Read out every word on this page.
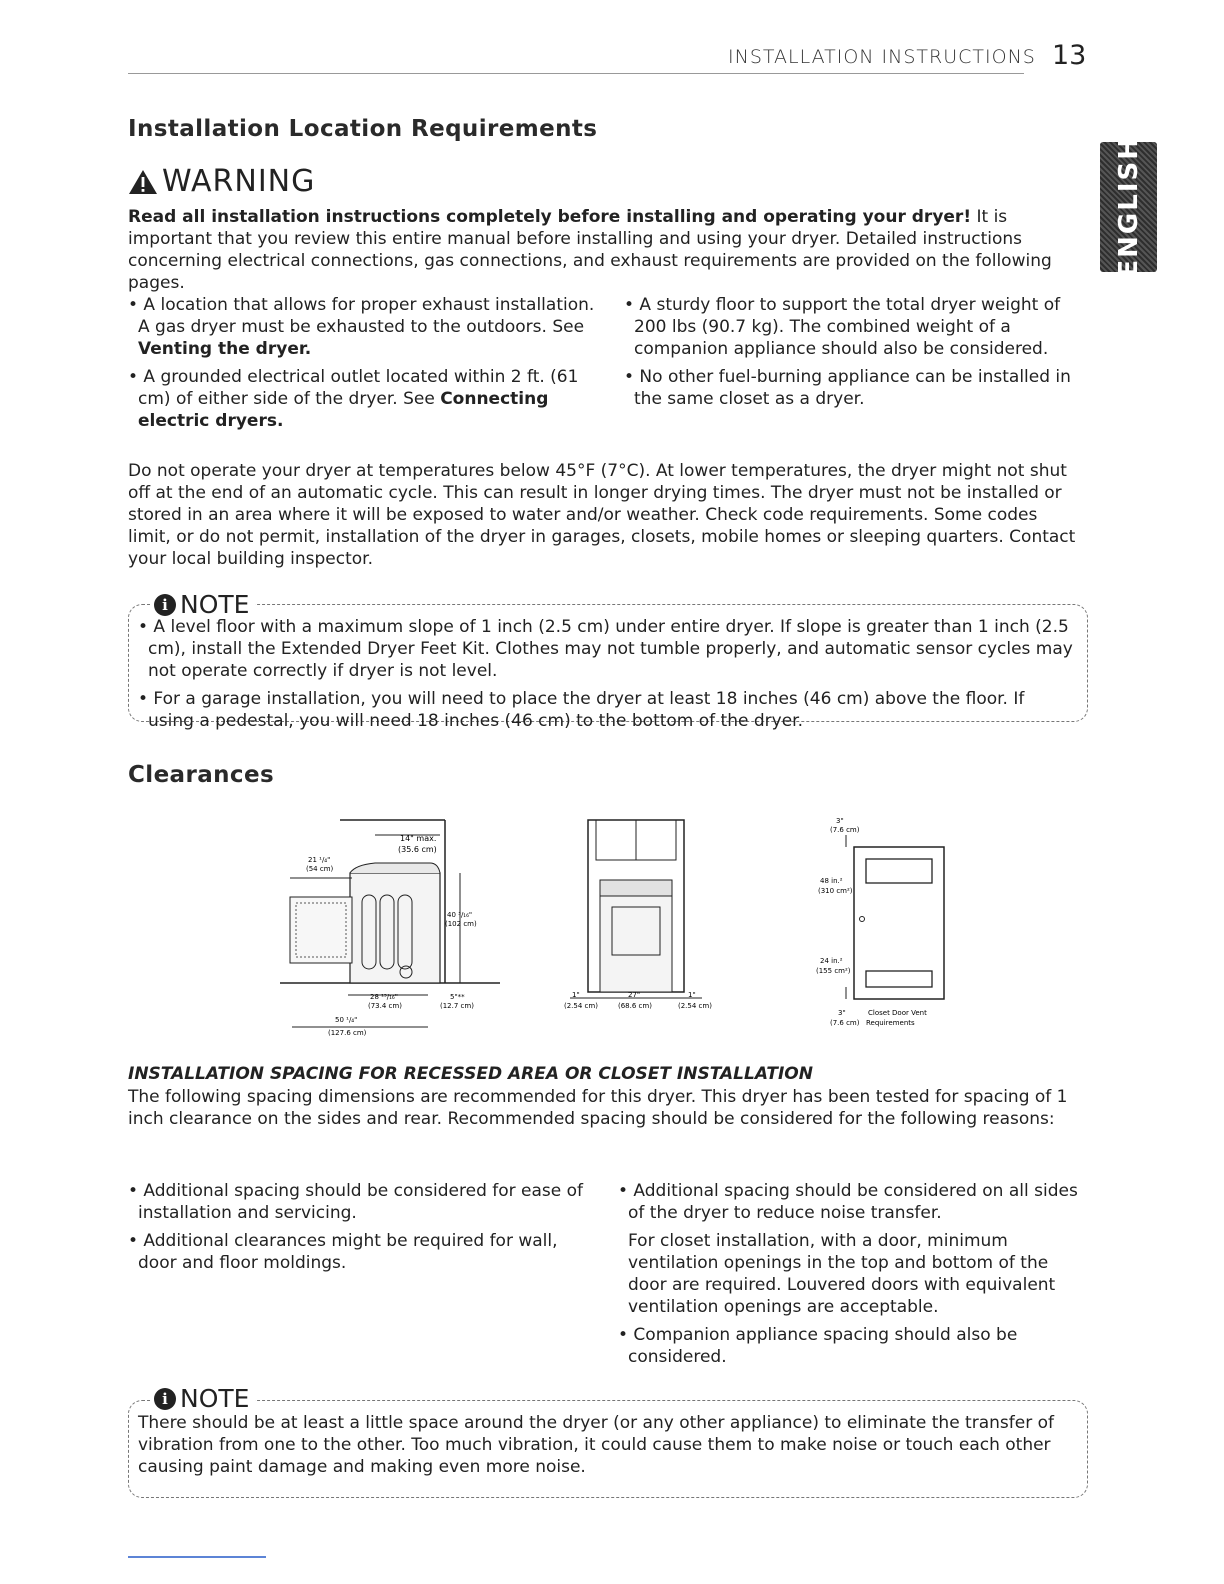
INSTALLATION INSTRUCTIONS 13
ENGLISH
Installation Location Requirements
WARNING
Read all installation instructions completely before installing and operating your dryer! It is important that you review this entire manual before installing and using your dryer. Detailed instructions concerning electrical connections, gas connections, and exhaust requirements are provided on the following pages.
• A location that allows for proper exhaust installation. A gas dryer must be exhausted to the outdoors. See Venting the dryer.
• A grounded electrical outlet located within 2 ft. (61 cm) of either side of the dryer. See Connecting electric dryers.
• A sturdy floor to support the total dryer weight of 200 lbs (90.7 kg). The combined weight of a companion appliance should also be considered.
• No other fuel-burning appliance can be installed in the same closet as a dryer.
Do not operate your dryer at temperatures below 45°F (7°C). At lower temperatures, the dryer might not shut off at the end of an automatic cycle. This can result in longer drying times. The dryer must not be installed or stored in an area where it will be exposed to water and/or weather. Check code requirements. Some codes limit, or do not permit, installation of the dryer in garages, closets, mobile homes or sleeping quarters. Contact your local building inspector.
i NOTE
• A level floor with a maximum slope of 1 inch (2.5 cm) under entire dryer. If slope is greater than 1 inch (2.5 cm), install the Extended Dryer Feet Kit. Clothes may not tumble properly, and automatic sensor cycles may not operate correctly if dryer is not level.
• For a garage installation, you will need to place the dryer at least 18 inches (46 cm) above the floor. If using a pedestal, you will need 18 inches (46 cm) to the bottom of the dryer.
Clearances
14" max.
(35.6 cm)
21 ¹/₄"
(54 cm)
40 ³/₁₆"
(102 cm)
28 ¹⁵/₁₆"
(73.4 cm)
5"**
(12.7 cm)
50 ¹/₄"
(127.6 cm)
1"
(2.54 cm)
27"
(68.6 cm)
1"
(2.54 cm)
3"
(7.6 cm)
48 in.²
(310 cm²)
24 in.²
(155 cm²)
3"
(7.6 cm)
Closet Door Vent
Requirements
INSTALLATION SPACING FOR RECESSED AREA OR CLOSET INSTALLATION
The following spacing dimensions are recommended for this dryer. This dryer has been tested for spacing of 1 inch clearance on the sides and rear. Recommended spacing should be considered for the following reasons:
• Additional spacing should be considered for ease of installation and servicing.
• Additional clearances might be required for wall, door and floor moldings.
• Additional spacing should be considered on all sides of the dryer to reduce noise transfer.
For closet installation, with a door, minimum ventilation openings in the top and bottom of the door are required. Louvered doors with equivalent ventilation openings are acceptable.
• Companion appliance spacing should also be considered.
i NOTE
There should be at least a little space around the dryer (or any other appliance) to eliminate the transfer of vibration from one to the other. Too much vibration, it could cause them to make noise or touch each other causing paint damage and making even more noise.
